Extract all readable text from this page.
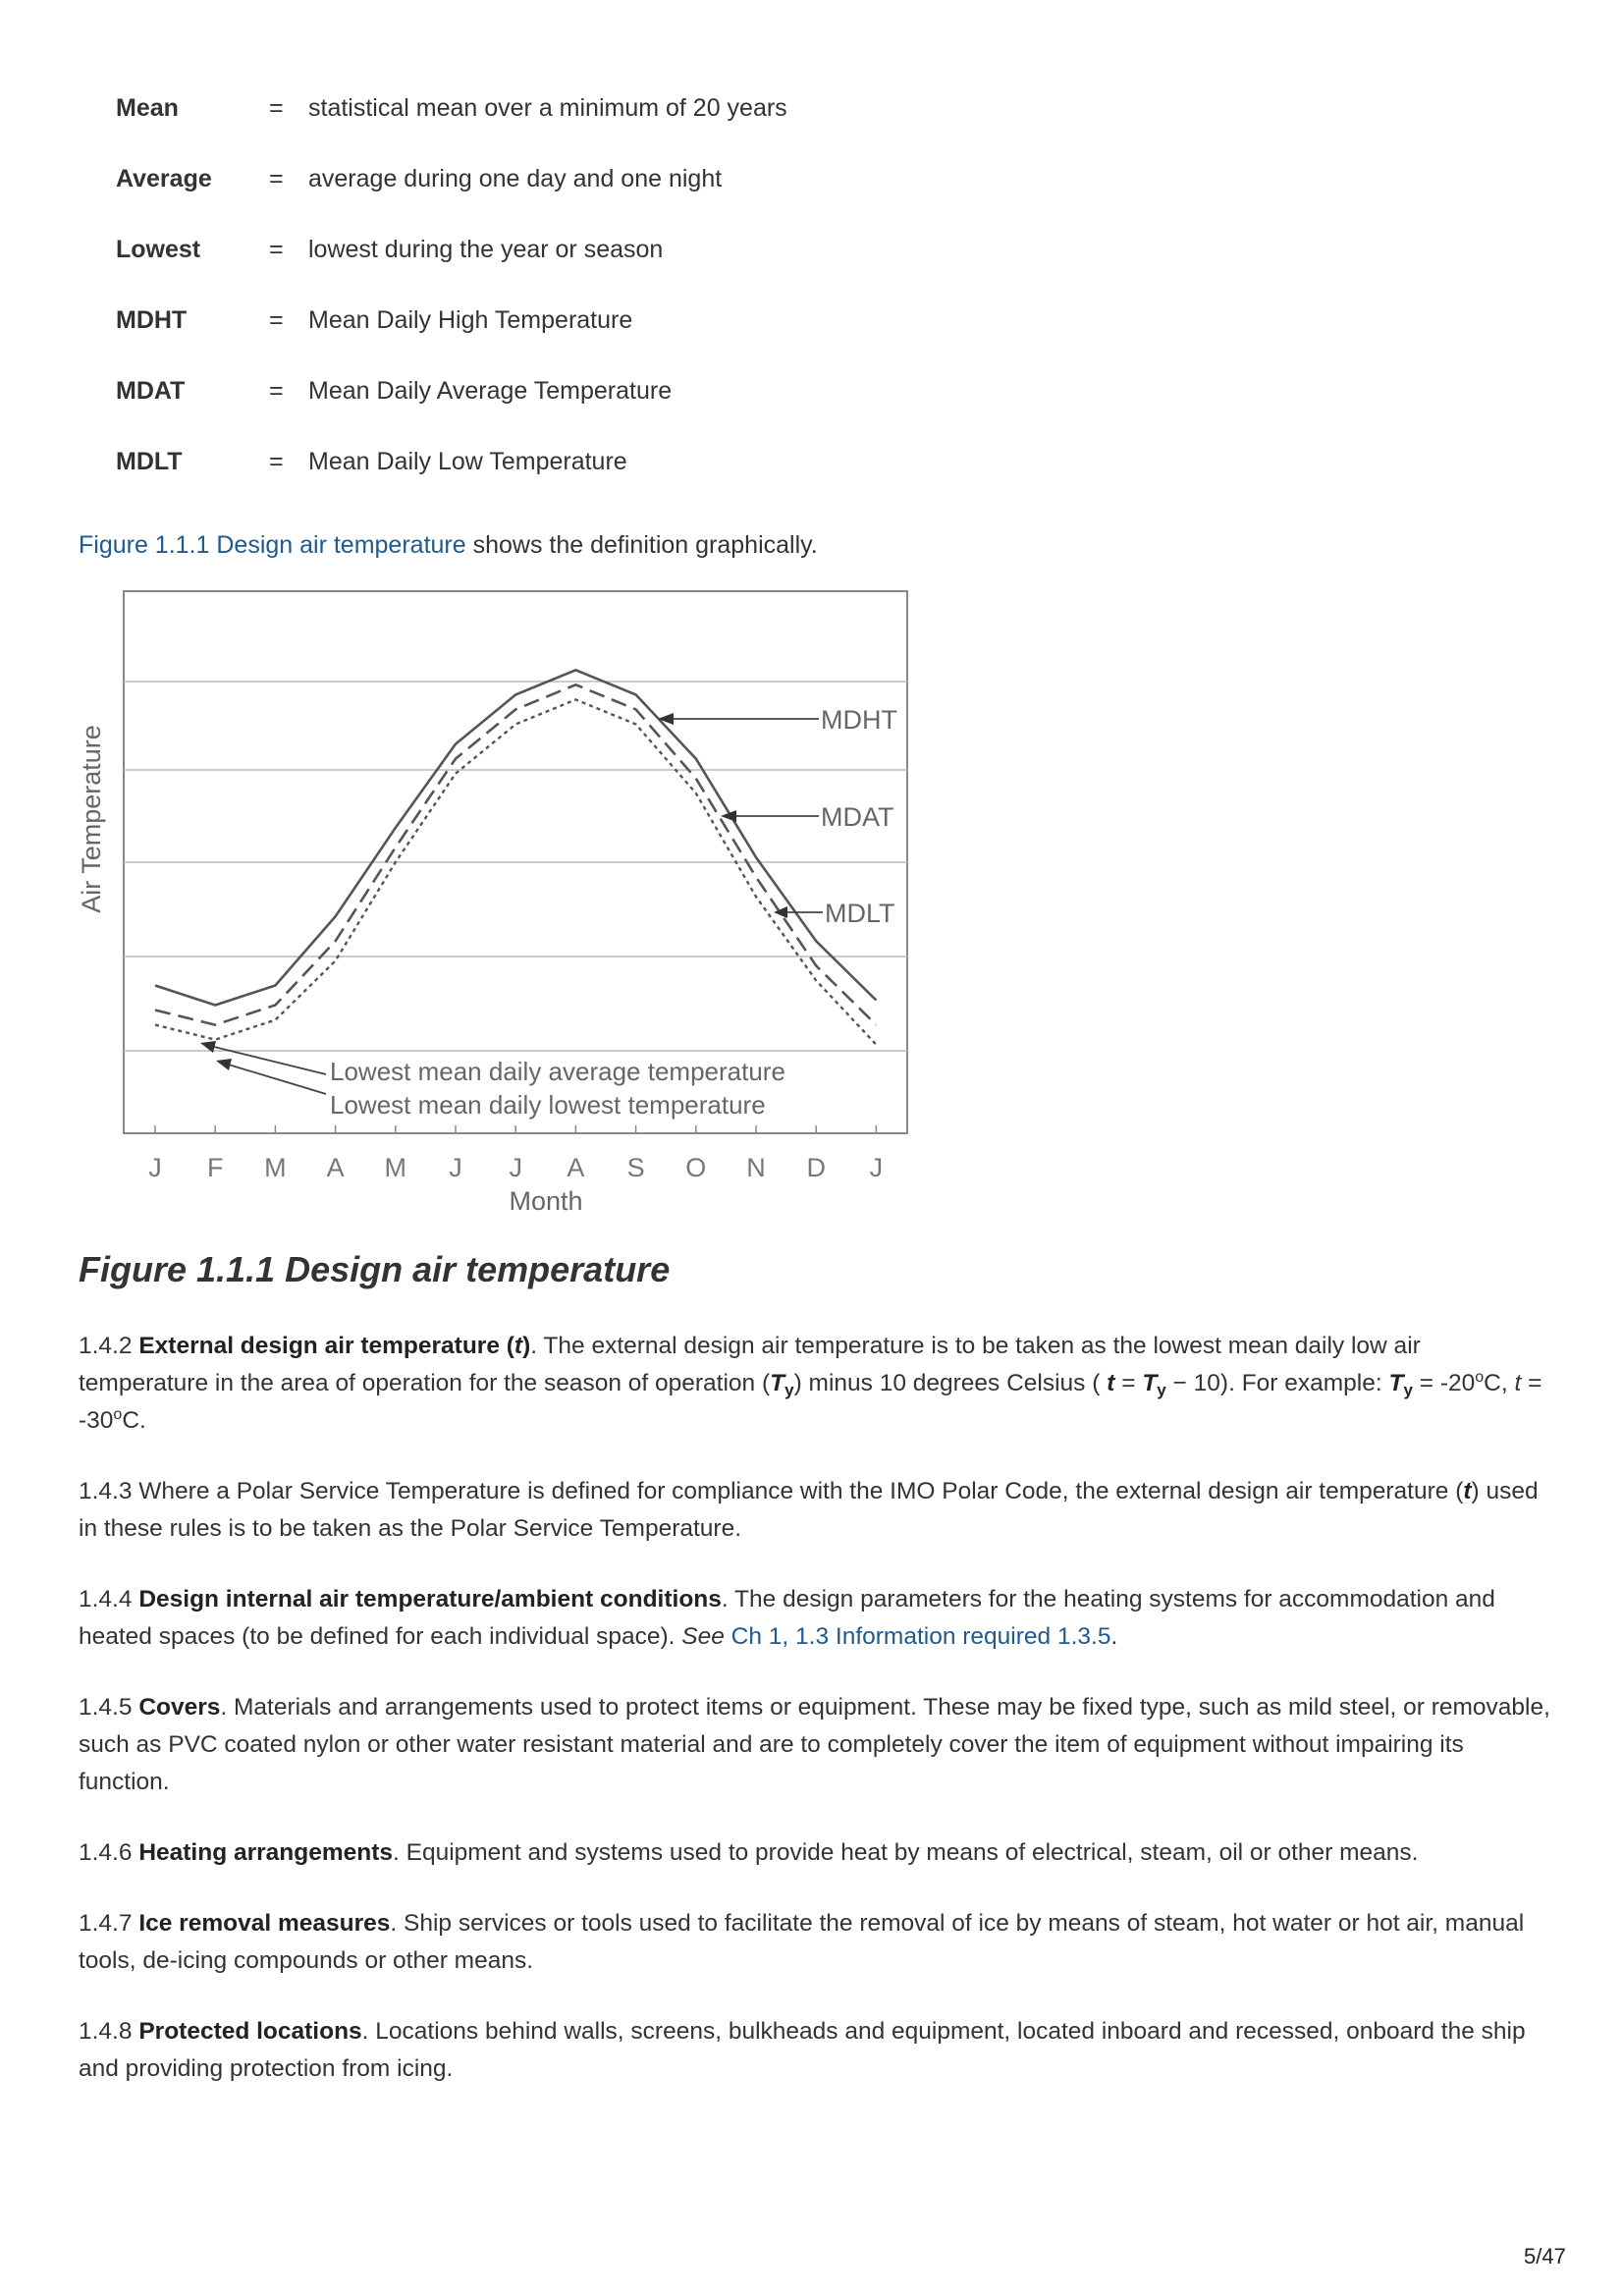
Mean	= statistical mean over a minimum of 20 years
Average = average during one day and one night
Lowest	= lowest during the year or season
MDHT	= Mean Daily High Temperature
MDAT	= Mean Daily Average Temperature
MDLT	= Mean Daily Low Temperature
Figure 1.1.1 Design air temperature shows the definition graphically.
MDHT
MDAT
MDLT
Lowest mean daily average temperature
Lowest mean daily lowest temperature
J F M A M J J A S O N D J
Month
Air Temperature
Figure 1.1.1 Design air temperature

1.4.2 External design air temperature (t). The external design air temperature is to be taken as the lowest mean daily low air temperature in the area of operation for the season of operation $(T_y)$ minus 10 degrees Celsius ( $t = T_y - 10$). For example: $T_y = -20^oC$, $t = -30^oC$.

1.4.3 Where a Polar Service Temperature is defined for compliance with the IMO Polar Code, the external design air temperature (t) used in these rules is to be taken as the Polar Service Temperature.

1.4.4 Design internal air temperature/ambient conditions. The design parameters for the heating systems for accommodation and heated spaces (to be defined for each individual space). See Ch 1, 1.3 Information required 1.3.5.

1.4.5 Covers. Materials and arrangements used to protect items or equipment. These may be fixed type, such as mild steel, or removable, such as PVC coated nylon or other water resistant material and are to completely cover the item of equipment without impairing its function.

1.4.6 Heating arrangements. Equipment and systems used to provide heat by means of electrical, steam, oil or other means.

1.4.7 Ice removal measures. Ship services or tools used to facilitate the removal of ice by means of steam, hot water or hot air, manual tools, de-icing compounds or other means.

1.4.8 Protected locations. Locations behind walls, screens, bulkheads and equipment, located inboard and recessed, onboard the ship and providing protection from icing.

5/47
